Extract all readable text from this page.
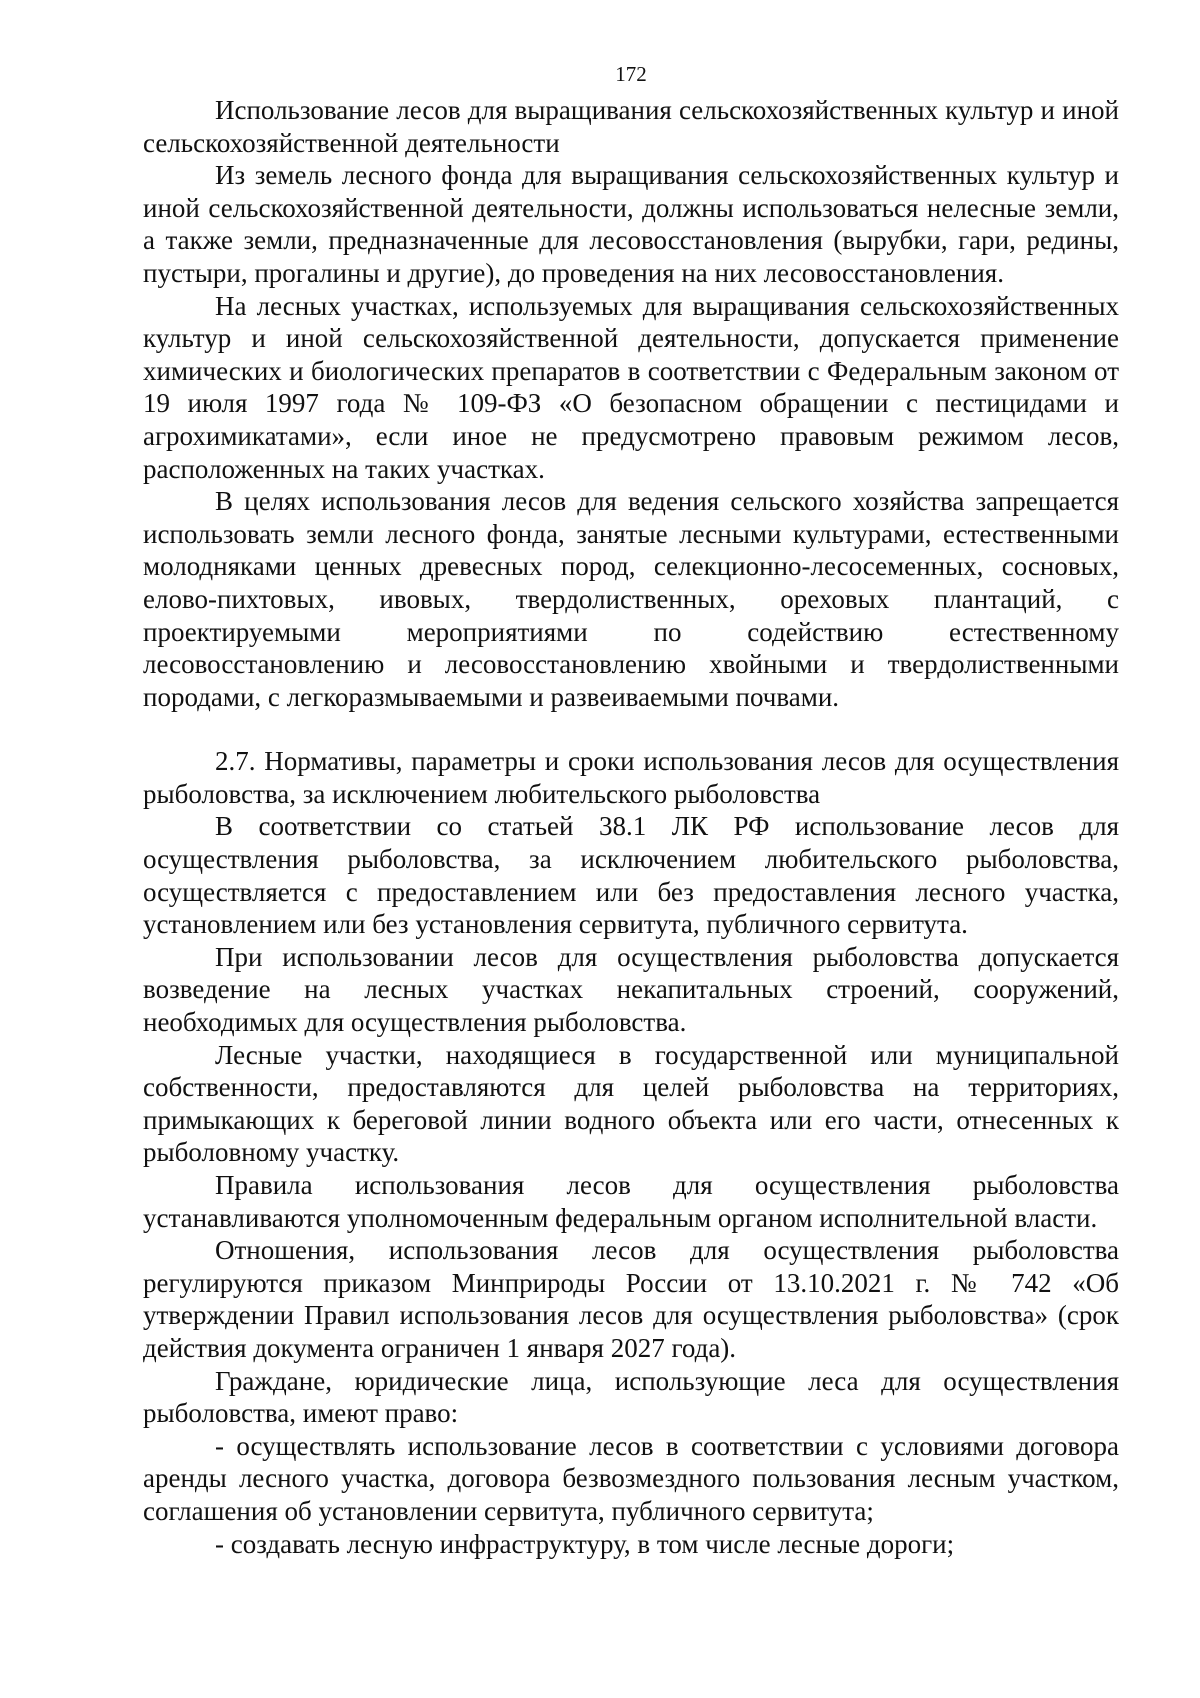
172

Использование лесов для выращивания сельскохозяйственных культур и иной сельскохозяйственной деятельности

Из земель лесного фонда для выращивания сельскохозяйственных культур и иной сельскохозяйственной деятельности, должны использоваться нелесные земли, а также земли, предназначенные для лесовосстановления (вырубки, гари, редины, пустыри, прогалины и другие), до проведения на них лесовосстановления.

На лесных участках, используемых для выращивания сельскохозяйственных культур и иной сельскохозяйственной деятельности, допускается применение химических и биологических препаратов в соответствии с Федеральным законом от 19 июля 1997 года № 109-ФЗ «О безопасном обращении с пестицидами и агрохимикатами», если иное не предусмотрено правовым режимом лесов, расположенных на таких участках.

В целях использования лесов для ведения сельского хозяйства запрещается использовать земли лесного фонда, занятые лесными культурами, естественными молодняками ценных древесных пород, селекционно-лесосеменных, сосновых, елово-пихтовых, ивовых, твердолиственных, ореховых плантаций, с проектируемыми мероприятиями по содействию естественному лесовосстановлению и лесовосстановлению хвойными и твердолиственными породами, с легкоразмываемыми и развеиваемыми почвами.

2.7. Нормативы, параметры и сроки использования лесов для осуществления рыболовства, за исключением любительского рыболовства

В соответствии со статьей 38.1 ЛК РФ использование лесов для осуществления рыболовства, за исключением любительского рыболовства, осуществляется с предоставлением или без предоставления лесного участка, установлением или без установления сервитута, публичного сервитута.

При использовании лесов для осуществления рыболовства допускается возведение на лесных участках некапитальных строений, сооружений, необходимых для осуществления рыболовства.

Лесные участки, находящиеся в государственной или муниципальной собственности, предоставляются для целей рыболовства на территориях, примыкающих к береговой линии водного объекта или его части, отнесенных к рыболовному участку.

Правила использования лесов для осуществления рыболовства устанавливаются уполномоченным федеральным органом исполнительной власти.

Отношения, использования лесов для осуществления рыболовства регулируются приказом Минприроды России от 13.10.2021 г. № 742 «Об утверждении Правил использования лесов для осуществления рыболовства» (срок действия документа ограничен 1 января 2027 года).

Граждане, юридические лица, использующие леса для осуществления рыболовства, имеют право:

- осуществлять использование лесов в соответствии с условиями договора аренды лесного участка, договора безвозмездного пользования лесным участком, соглашения об установлении сервитута, публичного сервитута;

- создавать лесную инфраструктуру, в том числе лесные дороги;
